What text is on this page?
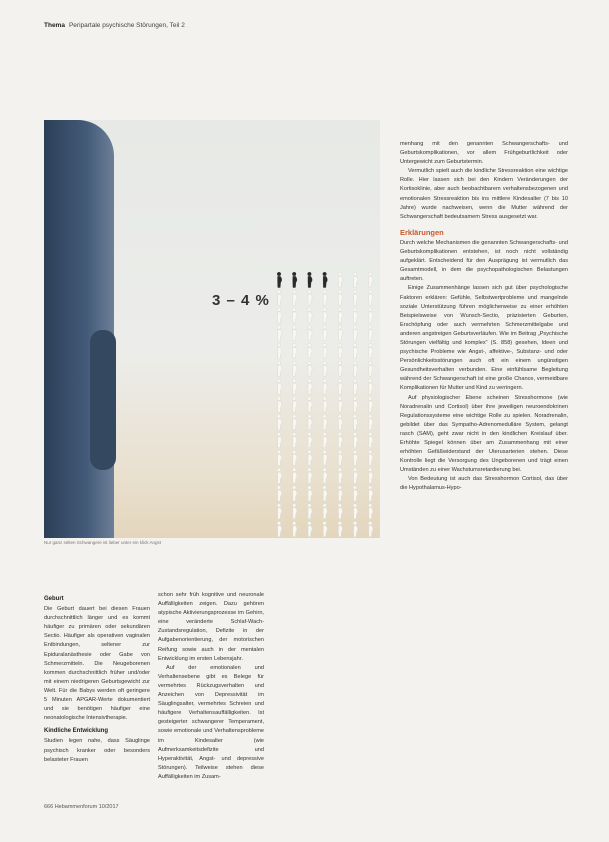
Thema Peripartale psychische Störungen, Teil 2
3 – 4 %
Nur ganz selten Schwangere ist lieber unter ein klick Angst
Geburt

Die Geburt dauert bei diesen Frauen durchschnittlich länger und es kommt häufiger zu primären oder sekundären Sectio. Häufiger als operativen vaginalen Entbindungen, seltener zur Epiduralanästhesie oder Gabe von Schmerzmitteln. Die Neugeborenen kommen durchschnittlich früher und/oder mit einem niedrigeren Geburtsgewicht zur Welt. Für die Babys werden oft geringere 5 Minuten APGAR-Werte dokumentiert und sie benötigen häufiger eine neonatologische Intensivtherapie.

Kindliche Entwicklung

Studien legen nahe, dass Säuglinge psychisch kranker oder besonders belasteter Frauen

schon sehr früh kognitive und neuronale Auffälligkeiten zeigen. Dazu gehören atypische Aktivierungsprozesse im Gehirn, eine veränderte Schlaf-Wach-Zustandsregulation, Defizite in der Aufgabenorientierung, der motorischen Reifung sowie auch in der mentalen Entwicklung im ersten Lebensjahr.

Auf der emotionalen und Verhaltensebene gibt es Belege für vermehrtes Rückzugsverhalten und Anzeichen von Depressivität im Säuglingsalter, vermehrtes Schreien und häufigere Verhaltensauffälligkeiten. Ist gesteigerter schwangerer Temperament, sowie emotionale und Verhaltensprobleme im Kindesalter (wie Aufmerksamkeitsdefizite und Hyperaktivität, Angst- und depressive Störungen). Teilweise stehen diese Auffälligkeiten im Zusam-

menhang mit den genannten Schwangerschafts- und Geburtskomplikationen, vor allem Frühgeburtlichkeit oder Untergewicht zum Geburtstermin.

Vermutlich spielt auch die kindliche Stressreaktion eine wichtige Rolle. Hier lassen sich bei den Kindern Veränderungen der Kortisoklinie, aber auch beobachtbarem verhaltensbezogenen und emotionalen Stressreaktion bis ins mittlere Kindesalter (7 bis 10 Jahre) wurde nachweisen, wenn die Mutter während der Schwangerschaft bedeutsamem Stress ausgesetzt war.

Erklärungen

Durch welche Mechanismen die genannten Schwangerschafts- und Geburtskomplikationen entstehen, ist noch nicht vollständig aufgeklärt. Entscheidend für den Ausprägung ist vermutlich das Gesamtmodell, in dem die psychopathologischen Belastungen auftreten.

Einige Zusammenhänge lassen sich gut über psychologische Faktoren erklären: Gefühle, Selbstwertprobleme und mangelnde soziale Unterstützung führen möglicherweise zu einer erhöhten Beispielsweise von Wunsch-Sectio, präzisierten Geburten, Erschöpfung oder auch vermehrten Schmerzmittelgabe und anderen angstreigen Geburtsverläufen. Wie im Beitrag „Psychische Störungen vielfältig und komplex“ (S. 858) gesehen, Ideen und psychische Probleme wie Angst-, affektive-, Substanz- und oder Persönlichkeitsstörungen auch oft ein einem ungünstigen Gesundheitsverhalten verbunden. Eine einfühlsame Begleitung während der Schwangerschaft ist eine große Chance, vermeidbare Komplikationen für Mutter und Kind zu verringern.

Auf physiologischer Ebene scheinen Stresshormone (wie Noradrenalin und Cortisol) über ihre jeweiligen neuroendokrinen Regulationssysteme eine wichtige Rolle zu spielen. Noradrenalin, gebildet über das Sympatho-Adrenomedulläre System, gelangt rasch (SAM), geht zwar nicht in den kindlichen Kreislauf über. Erhöhte Spiegel können über am Zusammenhang mit einer erhöhten Gefäßwiderstand der Uterusarterien stehen. Diese Kontrolle liegt die Versorgung des Ungeborenen und trägt einen Umständen zu einer Wachstumsretardierung bei.

Von Bedeutung ist auch das Stresshormon Cortisol, das über die Hypothalamus-Hypo-

666 Hebammenforum 10/2017
